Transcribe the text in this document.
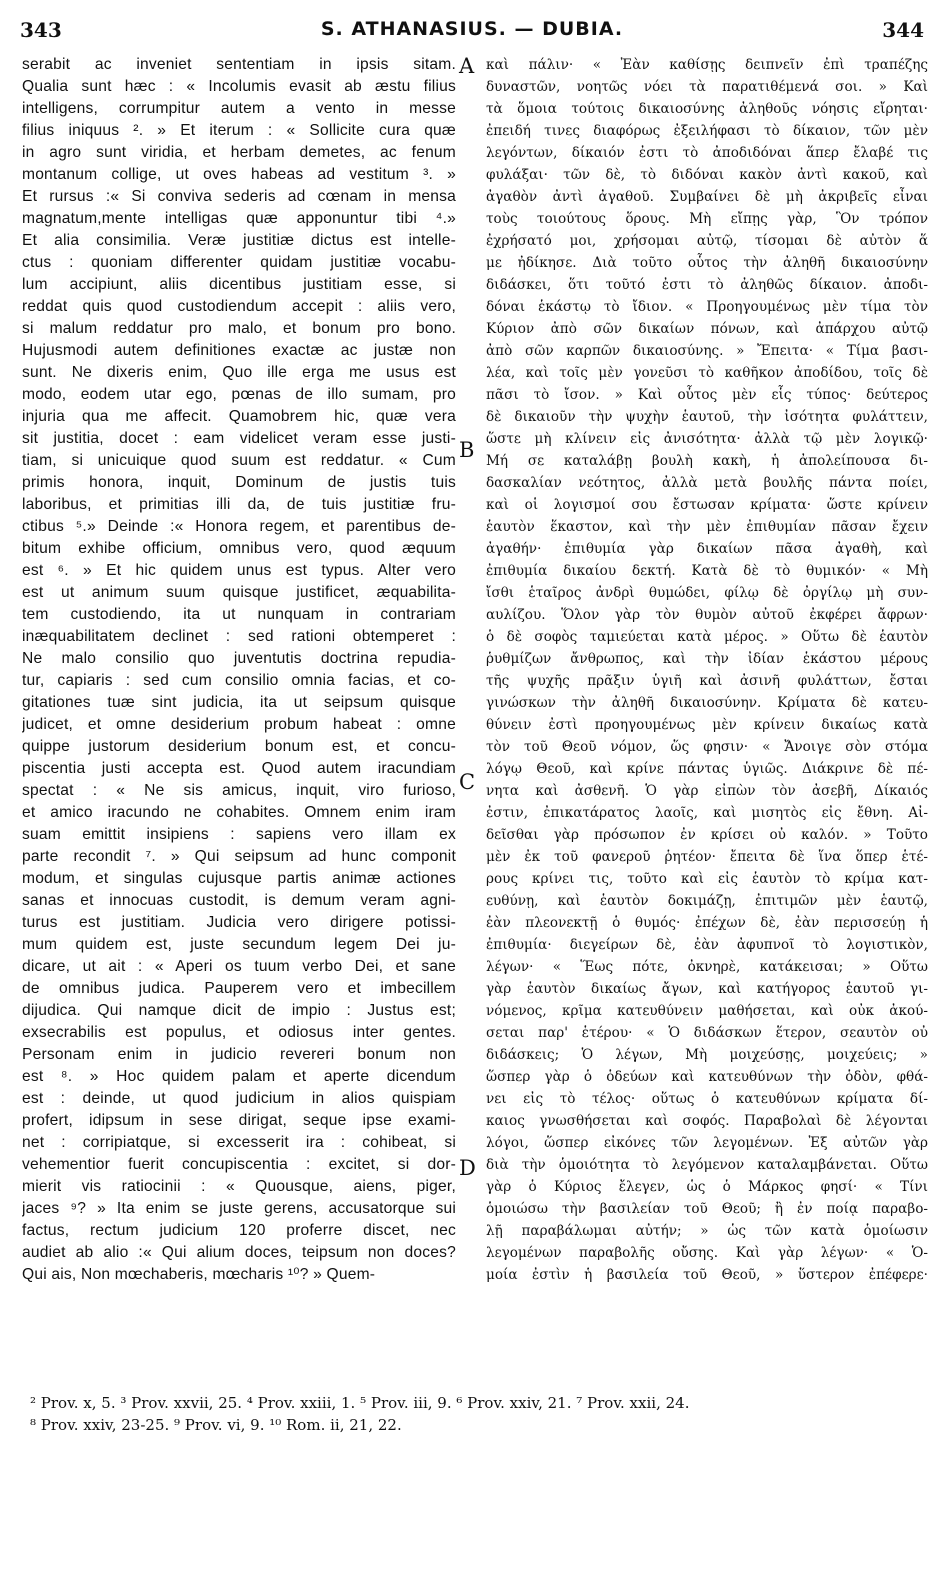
343	S. ATHANASIUS. — DUBIA.	344
serabit ac inveniet sententiam in ipsis sitam.
Qualia sunt hæc : « Incolumis evasit ab æstu filius
intelligens, corrumpitur autem a vento in messe
filius iniquus ². » Et iterum : « Sollicite cura quæ
in agro sunt viridia, et herbam demetes, ac fenum
montanum collige, ut oves habeas ad vestitum ³. »
Et rursus :« Si conviva sederis ad cœnam in mensa
magnatum,mente intelligas quæ apponuntur tibi ⁴.»
Et alia consimilia. Veræ justitiæ dictus est intelle-
ctus : quoniam differenter quidam justitiæ vocabu-
lum accipiunt, aliis dicentibus justitiam esse, si
reddat quis quod custodiendum accepit : aliis vero,
si malum reddatur pro malo, et bonum pro bono.
Hujusmodi autem definitiones exactæ ac justæ non
sunt. Ne dixeris enim, Quo ille erga me usus est
modo, eodem utar ego, pœnas de illo sumam, pro
injuria qua me affecit. Quamobrem hic, quæ vera
sit justitia, docet : eam videlicet veram esse justi-
tiam, si unicuique quod suum est reddatur. « Cum
primis honora, inquit, Dominum de justis tuis
laboribus, et primitias illi da, de tuis justitiæ fru-
ctibus ⁵.» Deinde :« Honora regem, et parentibus de-
bitum exhibe officium, omnibus vero, quod æquum
est ⁶. » Et hic quidem unus est typus. Alter vero
est ut animum suum quisque justificet, æquabilita-
tem custodiendo, ita ut nunquam in contrariam
inæquabilitatem declinet : sed rationi obtemperet :
Ne malo consilio quo juventutis doctrina repudia-
tur, capiaris : sed cum consilio omnia facias, et co-
gitationes tuæ sint judicia, ita ut seipsum quisque
judicet, et omne desiderium probum habeat : omne
quippe justorum desiderium bonum est, et concu-
piscentia justi accepta est. Quod autem iracundiam
spectat : « Ne sis amicus, inquit, viro furioso,
et amico iracundo ne cohabites. Omnem enim iram
suam emittit insipiens : sapiens vero illam ex
parte recondit ⁷. » Qui seipsum ad hunc componit
modum, et singulas cujusque partis animæ actiones
sanas et innocuas custodit, is demum veram agni-
turus est justitiam. Judicia vero dirigere potissi-
mum quidem est, juste secundum legem Dei ju-
dicare, ut ait : « Aperi os tuum verbo Dei, et sane
de omnibus judica. Pauperem vero et imbecillem
dijudica. Qui namque dicit de impio : Justus est;
exsecrabilis est populus, et odiosus inter gentes.
Personam enim in judicio revereri bonum non
est ⁸. » Hoc quidem palam et aperte dicendum
est : deinde, ut quod judicium in alios quispiam
profert, idipsum in sese dirigat, seque ipse exami-
net : corripiatque, si excesserit ira : cohibeat, si
vehementior fuerit concupiscentia : excitet, si dor-
mierit vis ratiocinii : « Quousque, aiens, piger,
jaces ⁹? » Ita enim se juste gerens, accusatorque sui
factus, rectum judicium 120 proferre discet, nec
audiet ab alio :« Qui alium doces, teipsum non doces?
Qui ais, Non mœchaberis, mœcharis ¹⁰? » Quem-
καὶ πάλιν· « Ἐὰν καθίσῃς δειπνεῖν ἐπὶ τραπέζης
δυναστῶν, νοητῶς νόει τὰ παρατιθέμενά σοι. » Καὶ
τὰ ὅμοια τούτοις δικαιοσύνης ἀληθοῦς νόησις εἴρηται·
ἐπειδή τινες διαφόρως ἐξειλήφασι τὸ δίκαιον, τῶν μὲν
λεγόντων, δίκαιόν ἐστι τὸ ἀποδιδόναι ἅπερ ἔλαβέ τις
φυλάξαι· τῶν δὲ, τὸ διδόναι κακὸν ἀντὶ κακοῦ, καὶ
ἀγαθὸν ἀντὶ ἀγαθοῦ. Συμβαίνει δὲ μὴ ἀκριβεῖς εἶναι
τοὺς τοιούτους ὅρους. Μὴ εἴπῃς γὰρ, Ὃν τρόπον
ἐχρήσατό μοι, χρήσομαι αὐτῷ, τίσομαι δὲ αὐτὸν ἅ
με ἠδίκησε. Διὰ τοῦτο οὗτος τὴν ἀληθῆ δικαιοσύνην
διδάσκει, ὅτι τοῦτό ἐστι τὸ ἀληθῶς δίκαιον. ἀποδι-
δόναι ἑκάστῳ τὸ ἴδιον. « Προηγουμένως μὲν τίμα τὸν
Κύριον ἀπὸ σῶν δικαίων πόνων, καὶ ἀπάρχου αὐτῷ
ἀπὸ σῶν καρπῶν δικαιοσύνης. » Ἔπειτα· « Τίμα βασι-
λέα, καὶ τοῖς μὲν γονεῦσι τὸ καθῆκον ἀποδίδου, τοῖς δὲ
πᾶσι τὸ ἴσον. » Καὶ οὗτος μὲν εἷς τύπος· δεύτερος
δὲ δικαιοῦν τὴν ψυχὴν ἑαυτοῦ, τὴν ἰσότητα φυλάττειν,
ὥστε μὴ κλίνειν εἰς ἀνισότητα· ἀλλὰ τῷ μὲν λογικῷ·
Μή σε καταλάβῃ βουλὴ κακὴ, ἡ ἀπολείπουσα δι-
δασκαλίαν νεότητος, ἀλλὰ μετὰ βουλῆς πάντα ποίει,
καὶ οἱ λογισμοί σου ἔστωσαν κρίματα· ὥστε κρίνειν
ἑαυτὸν ἕκαστον, καὶ τὴν μὲν ἐπιθυμίαν πᾶσαν ἔχειν
ἀγαθήν· ἐπιθυμία γὰρ δικαίων πᾶσα ἀγαθὴ, καὶ
ἐπιθυμία δικαίου δεκτή. Κατὰ δὲ τὸ θυμικόν· « Μὴ
ἴσθι ἑταῖρος ἀνδρὶ θυμώδει, φίλῳ δὲ ὀργίλῳ μὴ συν-
αυλίζου. Ὅλον γὰρ τὸν θυμὸν αὐτοῦ ἐκφέρει ἄφρων·
ὁ δὲ σοφὸς ταμιεύεται κατὰ μέρος. » Οὕτω δὲ ἑαυτὸν
ῥυθμίζων ἄνθρωπος, καὶ τὴν ἰδίαν ἑκάστου μέρους
τῆς ψυχῆς πρᾶξιν ὑγιῆ καὶ ἀσινῆ φυλάττων, ἔσται
γινώσκων τὴν ἀληθῆ δικαιοσύνην. Κρίματα δὲ κατευ-
θύνειν ἐστὶ προηγουμένως μὲν κρίνειν δικαίως κατὰ
τὸν τοῦ Θεοῦ νόμον, ὥς φησιν· « Ἄνοιγε σὸν στόμα
λόγῳ Θεοῦ, καὶ κρίνε πάντας ὑγιῶς. Διάκρινε δὲ πέ-
νητα καὶ ἀσθενῆ. Ὁ γὰρ εἰπὼν τὸν ἀσεβῆ, Δίκαιός
ἐστιν, ἐπικατάρατος λαοῖς, καὶ μισητὸς εἰς ἔθνη. Αἰ-
δεῖσθαι γὰρ πρόσωπον ἐν κρίσει οὐ καλόν. » Τοῦτο
μὲν ἐκ τοῦ φανεροῦ ῥητέον· ἔπειτα δὲ ἵνα ὅπερ ἑτέ-
ρους κρίνει τις, τοῦτο καὶ εἰς ἑαυτὸν τὸ κρίμα κατ-
ευθύνῃ, καὶ ἑαυτὸν δοκιμάζῃ, ἐπιτιμῶν μὲν ἑαυτῷ,
ἐὰν πλεονεκτῇ ὁ θυμός· ἐπέχων δὲ, ἐὰν περισσεύῃ ἡ
ἐπιθυμία· διεγείρων δὲ, ἐὰν ἀφυπνοῖ τὸ λογιστικὸν,
λέγων· « Ἕως πότε, ὀκνηρὲ, κατάκεισαι; » Οὕτω
γὰρ ἑαυτὸν δικαίως ἄγων, καὶ κατήγορος ἑαυτοῦ γι-
νόμενος, κρῖμα κατευθύνειν μαθήσεται, καὶ οὐκ ἀκού-
σεται παρ' ἑτέρου· « Ὁ διδάσκων ἕτερον, σεαυτὸν οὐ
διδάσκεις; Ὁ λέγων, Μὴ μοιχεύσῃς, μοιχεύεις; »
ὥσπερ γὰρ ὁ ὁδεύων καὶ κατευθύνων τὴν ὁδὸν, φθά-
νει εἰς τὸ τέλος· οὕτως ὁ κατευθύνων κρίματα δί-
καιος γνωσθήσεται καὶ σοφός. Παραβολαὶ δὲ λέγονται
λόγοι, ὥσπερ εἰκόνες τῶν λεγομένων. Ἐξ αὐτῶν γὰρ
διὰ τὴν ὁμοιότητα τὸ λεγόμενον καταλαμβάνεται. Οὕτω
γὰρ ὁ Κύριος ἔλεγεν, ὡς ὁ Μάρκος φησί· « Τίνι
ὁμοιώσω τὴν βασιλείαν τοῦ Θεοῦ; ἢ ἐν ποίᾳ παραβο-
λῇ παραβάλωμαι αὐτήν; » ὡς τῶν κατὰ ὁμοίωσιν
λεγομένων παραβολῆς οὔσης. Καὶ γὰρ λέγων· « Ὁ-
μοία ἐστὶν ἡ βασιλεία τοῦ Θεοῦ, » ὕστερον ἐπέφερε·
A
B
C
D
² Prov. x, 5. ³ Prov. xxvii, 25. ⁴ Prov. xxiii, 1. ⁵ Prov. iii, 9. ⁶ Prov. xxiv, 21. ⁷ Prov. xxii, 24.
⁸ Prov. xxiv, 23-25. ⁹ Prov. vi, 9. ¹⁰ Rom. ii, 21, 22.
